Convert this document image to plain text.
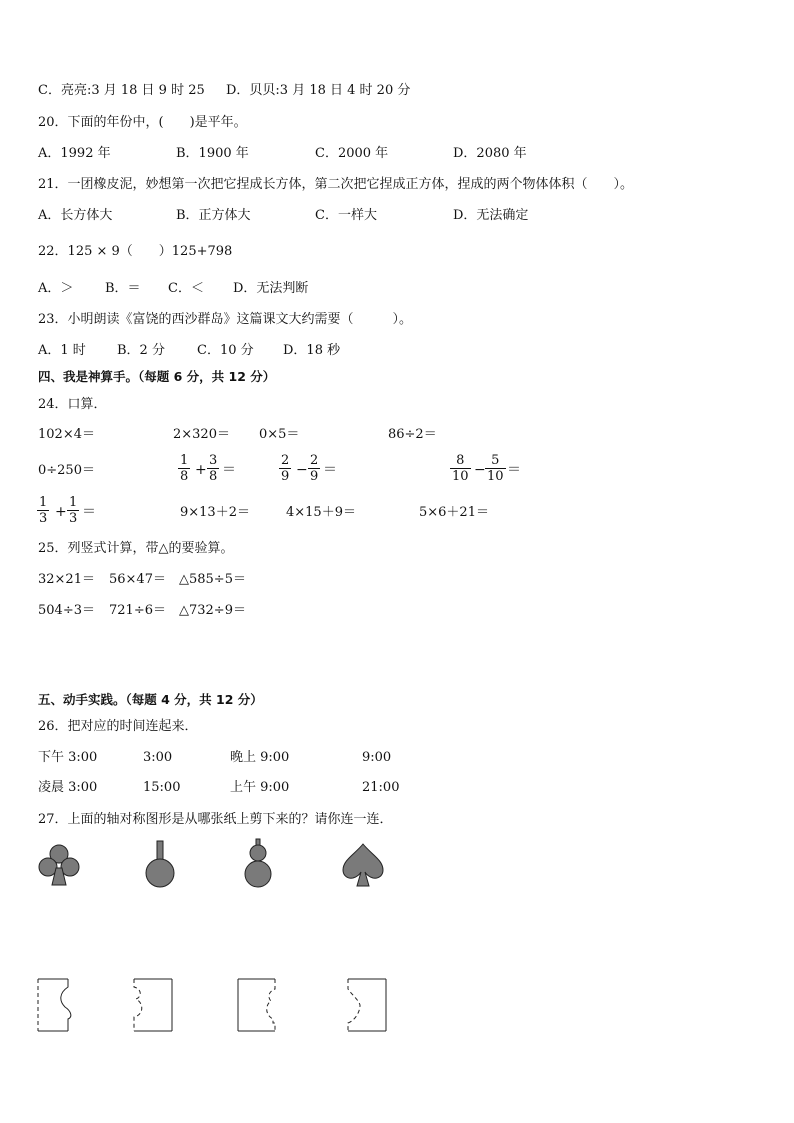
C．亮亮:3 月 18 日 9 时 25 D．贝贝:3 月 18 日 4 时 20 分
20．下面的年份中，(　　)是平年。
A．1992 年	B．1900 年	C．2000 年	D．2080 年
21．一团橡皮泥，妙想第一次把它捏成长方体，第二次把它捏成正方体，捏成的两个物体体积（　　）。
A．长方体大	B．正方体大	C．一样大	D．无法确定
22．125 × 9（　　）125+798
A．＞ B．＝ C．＜ D．无法判断
23．小明朗读《富饶的西沙群岛》这篇课文大约需要（　　　）。
A．1 时 B．2 分 C．10 分 D．18 秒
四、我是神算手。（每题 6 分，共 12 分）
24．口算．
102×4＝	2×320＝ 0×5＝	86÷2＝
0÷250＝	$\frac{1}{8} + \frac{3}{8}$ ＝	$\frac{2}{9} - \frac{2}{9}$ ＝	$\frac{8}{10} - \frac{5}{10}$ ＝
$\frac{1}{3} + \frac{1}{3}$ ＝	9×13＋2＝	4×15＋9＝	5×6＋21＝
25．列竖式计算，带△的要验算。
32×21＝ 56×47＝ △585÷5＝
504÷3＝ 721÷6＝ △732÷9＝
五、动手实践。（每题 4 分，共 12 分）
26．把对应的时间连起来．
下午 3:00	3:00	晚上 9:00	9:00
凌晨 3:00	15:00	上午 9:00	21:00
27．上面的轴对称图形是从哪张纸上剪下来的？请你连一连．
